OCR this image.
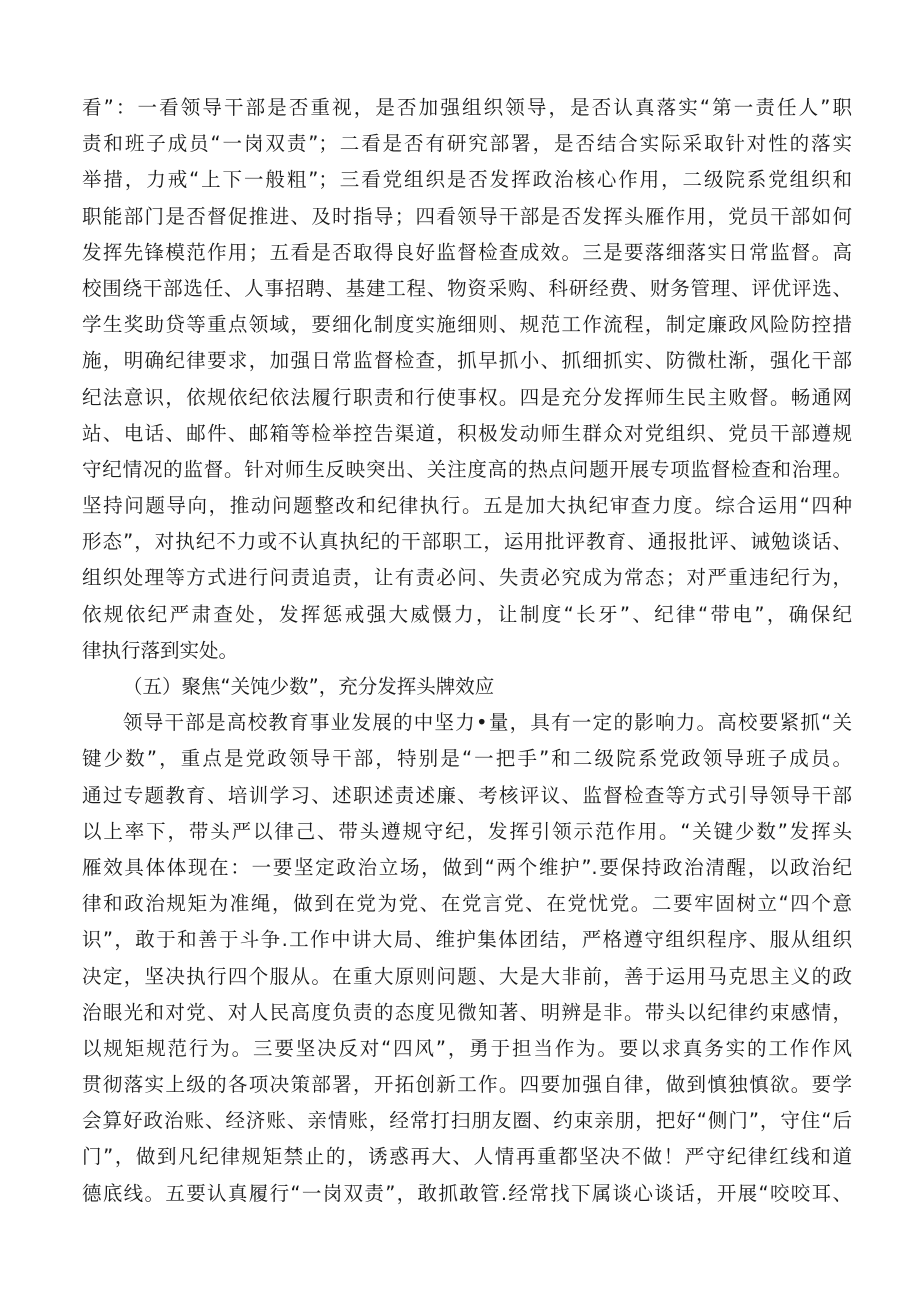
看”：一看领导干部是否重视，是否加强组织领导，是否认真落实“第一责任人”职
责和班子成员“一岗双责”；二看是否有研究部署，是否结合实际采取针对性的落实
举措，力戒“上下一般粗”；三看党组织是否发挥政治核心作用，二级院系党组织和
职能部门是否督促推进、及时指导；四看领导干部是否发挥头雁作用，党员干部如何
发挥先锋模范作用；五看是否取得良好监督检查成效。三是要落细落实日常监督。高
校围绕干部选任、人事招聘、基建工程、物资采购、科研经费、财务管理、评优评选、
学生奖助贷等重点领域，要细化制度实施细则、规范工作流程，制定廉政风险防控措
施，明确纪律要求，加强日常监督检查，抓早抓小、抓细抓实、防微杜渐，强化干部
纪法意识，依规依纪依法履行职责和行使事权。四是充分发挥师生民主败督。畅通网
站、电话、邮件、邮箱等检举控告渠道，积极发动师生群众对党组织、党员干部遵规
守纪情况的监督。针对师生反映突出、关注度高的热点问题开展专项监督检查和治理。
坚持问题导向，推动问题整改和纪律执行。五是加大执纪审查力度。综合运用“四种
形态”，对执纪不力或不认真执纪的干部职工，运用批评教育、通报批评、诫勉谈话、
组织处理等方式进行问责追责，让有责必问、失责必究成为常态；对严重违纪行为，
依规依纪严肃查处，发挥惩戒强大威慑力，让制度“长牙”、纪律“带电”，确保纪
律执行落到实处。
（五）聚焦“关饨少数”，充分发挥头牌效应
领导干部是高校教育事业发展的中坚力•量，具有一定的影响力。高校要紧抓“关
键少数”，重点是党政领导干部，特别是“一把手”和二级院系党政领导班子成员。
通过专题教育、培训学习、述职述责述廉、考核评议、监督检查等方式引导领导干部
以上率下，带头严以律己、带头遵规守纪，发挥引领示范作用。“关键少数”发挥头
雁效具体体现在：一要坚定政治立场，做到“两个维护”.要保持政治清醒，以政治纪
律和政治规矩为准绳，做到在党为党、在党言党、在党忧党。二要牢固树立“四个意
识”，敢于和善于斗争.工作中讲大局、维护集体团结，严格遵守组织程序、服从组织
决定，坚决执行四个服从。在重大原则问题、大是大非前，善于运用马克思主义的政
治眼光和对党、对人民高度负责的态度见微知著、明辨是非。带头以纪律约束感情，
以规矩规范行为。三要坚决反对“四风”，勇于担当作为。要以求真务实的工作作风
贯彻落实上级的各项决策部署，开拓创新工作。四要加强自律，做到慎独慎欲。要学
会算好政治账、经济账、亲情账，经常打扫朋友圈、约束亲朋，把好“侧门”，守住“后
门”，做到凡纪律规矩禁止的，诱惑再大、人情再重都坚决不做！严守纪律红线和道
德底线。五要认真履行“一岗双责”，敢抓敢管.经常找下属谈心谈话，开展“咬咬耳、
